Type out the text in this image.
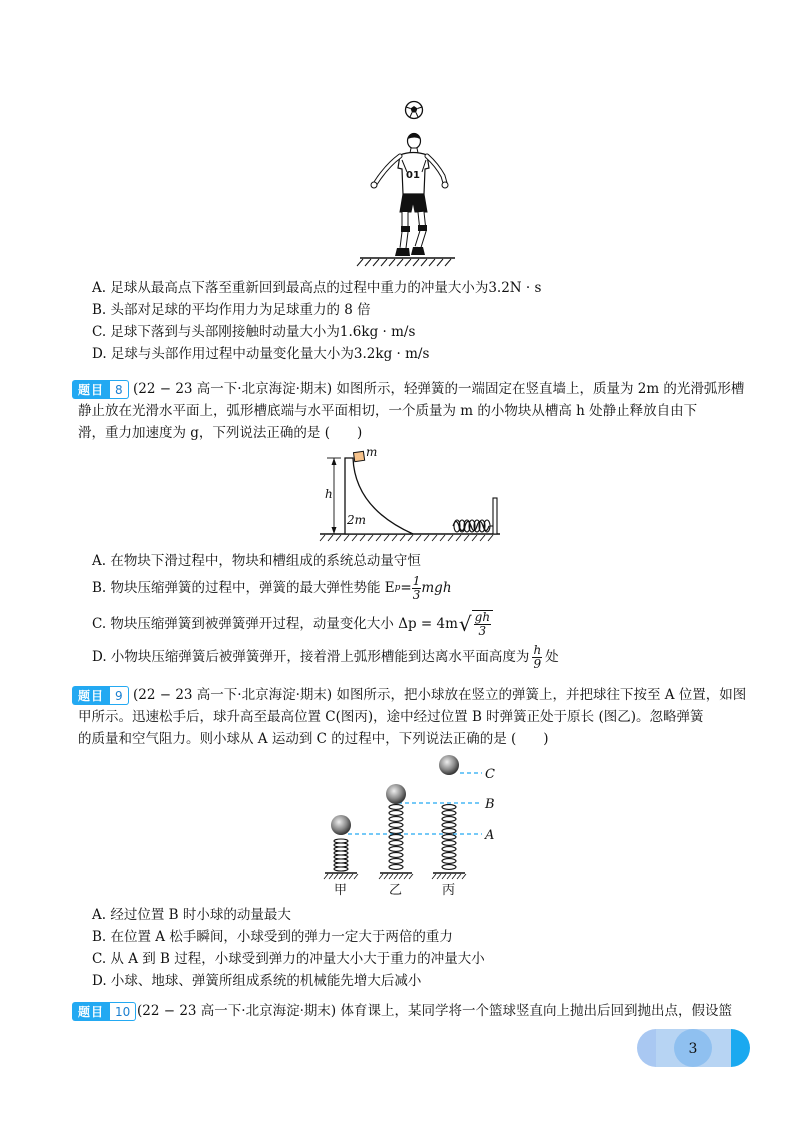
01
A. 足球从最高点下落至重新回到最高点的过程中重力的冲量大小为3.2N · s
B. 头部对足球的平均作用力为足球重力的 8 倍
C. 足球下落到与头部刚接触时动量大小为1.6kg · m/s
D. 足球与头部作用过程中动量变化量大小为3.2kg · m/s
题目 8 (22 − 23 高一下·北京海淀·期末) 如图所示，轻弹簧的一端固定在竖直墙上，质量为 2m 的光滑弧形槽
静止放在光滑水平面上，弧形槽底端与水平面相切，一个质量为 m 的小物块从槽高 h 处静止释放自由下
滑，重力加速度为 g，下列说法正确的是 (　　)
h
2m
m
A. 在物块下滑过程中，物块和槽组成的系统总动量守恒
B. 物块压缩弹簧的过程中，弹簧的最大弹性势能 E $p = \frac{1}{3}$ mgh
C. 物块压缩弹簧到被弹簧弹开过程，动量变化大小 Δp = 4m √ $\frac{gh}{3}$
D. 小物块压缩弹簧后被弹簧弹开，接着滑上弧形槽能到达离水平面高度为 $\frac{h}{9}$ 处
题目 9 (22 − 23 高一下·北京海淀·期末) 如图所示，把小球放在竖立的弹簧上，并把球往下按至 A 位置，如图
甲所示。迅速松手后，球升高至最高位置 C(图丙)，途中经过位置 B 时弹簧正处于原长 (图乙)。忽略弹簧
的质量和空气阻力。则小球从 A 运动到 C 的过程中，下列说法正确的是 (　　)
C
B
A
甲	乙	丙
A. 经过位置 B 时小球的动量最大
B. 在位置 A 松手瞬间，小球受到的弹力一定大于两倍的重力
C. 从 A 到 B 过程，小球受到弹力的冲量大小大于重力的冲量大小
D. 小球、地球、弹簧所组成系统的机械能先增大后减小
题目 10 (22 − 23 高一下·北京海淀·期末) 体育课上，某同学将一个篮球竖直向上抛出后回到抛出点，假设篮
3
